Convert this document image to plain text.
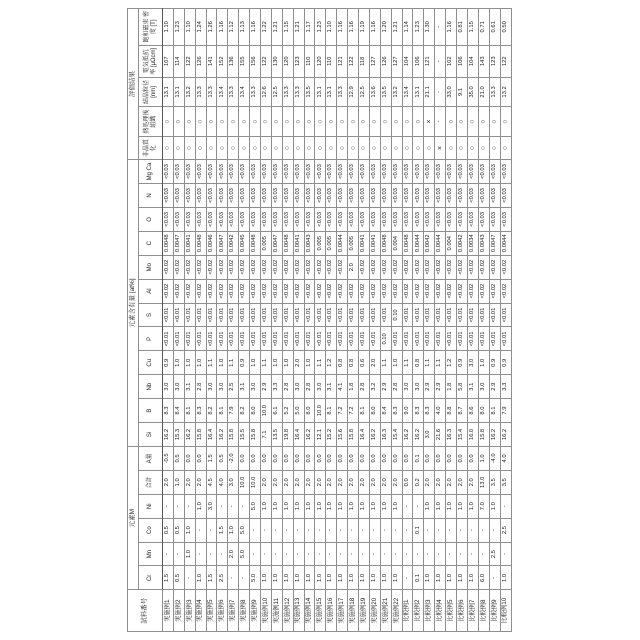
試料番号	元素M						元素含有量 [at%]												評価結果				
	Cr	Mn	Co	Ni	合計	A量	Si	B	Nb	Cu	P	S	Al	Mo	C	O	N	Mg Ca	非晶質化	熱処理後 組織	結晶粒径 [nm]	電気抵抗 率 [μΩcm]	飽和磁束 密度 [T]
実施例1	1.5	-	0.5	-	2.0	-0.5	16.2	8.3	3.0	0.9	<0.01	<0.01	<0.02	<0.02	0.0048	<0.03	<0.03	<0.03	○	○	13.1	107	1.10
実施例2	0.5	-	0.5	-	1.0	0.5	15.3	8.4	3.0	1.0	<0.01	<0.01	<0.02	<0.02	0.0047	<0.03	<0.03	<0.03	○	○	13.1	114	1.23
実施例3	-	1.0	1.0	-	2.0	0.0	16.2	8.1	3.1	1.0	<0.01	<0.01	<0.02	<0.02	0.0041	<0.03	<0.03	<0.03	○	○	13.2	122	1.10
実施例4	1.0	-	-	1.0	2.0	0.0	15.8	8.3	2.8	1.0	<0.01	<0.01	<0.02	<0.02	0.0048	<0.03	<0.03	<0.03	○	○	13.3	126	1.24
実施例5	1.5	-	-	3.0	4.5	1.5	16.4	8.2	3.0	1.1	<0.01	<0.01	<0.02	<0.02	0.0046	<0.03	<0.03	<0.03	○	○	13.3	141	1.26
実施例6	2.5	-	1.5	-	4.0	0.5	16.2	8.1	3.0	1.0	<0.01	<0.01	<0.02	<0.02	0.0047	<0.03	<0.03	<0.03	○	○	13.4	152	1.16
実施例7	-	2.0	1.0	-	3.0	-2.0	15.8	7.9	2.5	1.1	<0.01	<0.01	<0.02	<0.02	0.0042	<0.03	<0.03	<0.03	○	○	13.3	136	1.12
実施例8	-	5.0	5.0	-	10.0	0.0	15.5	8.2	3.1	0.9	<0.01	<0.01	<0.02	<0.02	0.0045	<0.03	<0.03	<0.03	○	○	13.4	155	1.13
実施例9	5.0	-	-	5.0	10.0	0.0	15.8	8.0	3.0	1.0	<0.01	<0.01	<0.02	<0.02	0.0048	<0.03	<0.03	<0.03	○	○	13.3	156	1.16
実施例10	1.0	-	-	1.0	2.0	0.0	7.1	10.0	2.9	1.1	<0.01	<0.01	<0.02	<0.02	0.005	<0.03	<0.03	<0.03	○	○	12.6	122	1.22
実施例11	1.0	-	-	1.0	2.0	0.0	13.5	6.1	3.3	1.0	<0.01	<0.01	<0.02	<0.02	0.0047	<0.03	<0.03	<0.03	○	○	12.5	130	1.21
実施例12	1.0	-	-	1.0	2.0	0.0	19.8	5.2	2.8	1.0	<0.01	<0.01	<0.02	<0.02	0.0048	<0.03	<0.03	<0.03	○	○	13.3	120	1.15
実施例13	1.0	-	-	1.0	2.0	0.0	16.4	5.0	3.0	2.0	<0.01	<0.01	<0.02	<0.02	0.0041	<0.03	<0.03	<0.03	○	○	13.3	123	1.21
実施例14	1.0	-	-	1.0	2.0	0.0	16.2	8.0	2.8	1.0	<0.01	<0.01	<0.02	<0.02	0.0043	<0.03	<0.03	<0.03	○	○	13.5	110	1.17
実施例15	1.0	-	-	1.0	2.0	0.0	12.1	10.0	3.0	1.1	<0.01	<0.01	<0.02	<0.02	0.005	<0.03	<0.03	<0.03	○	○	13.1	120	1.23
実施例16	1.0	-	-	1.0	2.0	0.0	15.2	8.1	3.1	1.2	<0.01	<0.01	<0.02	<0.02	0.005	<0.03	<0.03	<0.03	○	○	13.1	110	1.10
実施例17	1.0	-	-	1.0	2.0	0.0	15.6	7.2	4.1	0.8	<0.01	<0.01	<0.02	<0.02	0.0044	<0.03	<0.03	<0.03	○	○	13.3	121	1.16
実施例18	1.0	-	-	1.0	2.0	0.0	15.8	7.2	1.8	0.8	<0.01	<0.01	<0.02	2.0	0.005	<0.03	<0.03	<0.03	○	○	12.9	122	1.16
実施例19	1.0	-	-	1.0	2.0	0.0	16.4	8.1	2.8	0.6	<0.01	<0.01	<0.02	<0.02	0.0041	<0.03	<0.03	<0.03	○	○	12.5	118	1.19
実施例20	1.0	-	-	1.0	2.0	0.0	16.2	8.0	3.2	2.0	<0.01	<0.01	<0.02	<0.02	0.0041	<0.03	<0.03	<0.03	○	○	13.6	127	1.16
実施例21	1.0	-	-	1.0	2.0	0.0	16.3	8.4	2.9	1.1	0.10	<0.01	<0.02	<0.02	0.0048	<0.03	<0.03	<0.03	○	○	13.5	126	1.20
実施例22	1.0	-	-	1.0	2.0	0.0	15.4	8.3	2.8	1.0	<0.01	0.10	<0.02	<0.02	0.004	<0.03	<0.03	<0.03	○	○	13.2	127	1.21
比較例1	-	-	-	-	0.0	0.0	16.2	9.0	3.0	1.1	<0.01	<0.01	<0.02	<0.02	0.0048	<0.03	<0.03	<0.03	○	○	13.4	104	1.14
比較例2	0.1	-	0.1	-	0.2	0.1	16.2	8.3	3.0	0.8	<0.01	<0.01	<0.02	<0.02	0.0044	<0.03	<0.03	<0.03	○	○	13.1	106	1.23
比較例3	1.0	-	-	1.0	2.0	0.0	3.0	8.3	2.9	1.1	<0.01	<0.01	<0.02	<0.02	0.0042	<0.03	<0.03	<0.03	○	×	21.1	121	1.30
比較例4	1.0	-	-	1.0	2.0	0.0	21.6	4.0	2.9	1.1	<0.01	<0.01	<0.02	<0.02	0.0044	<0.03	<0.03	<0.03	×	-	-	-	-
比較例5	1.0	-	-	1.0	2.0	0.0	16.3	8.8	1.8	1.2	<0.01	<0.01	<0.02	<0.02	0.004	<0.03	<0.03	<0.03	○	○	33.0	102	1.16
比較例6	1.0	-	-	1.0	2.0	0.0	15.4	8.7	5.8	0.9	<0.01	<0.01	<0.02	<0.02	0.0042	<0.03	<0.03	<0.03	○	○	9.1	106	0.81
比較例7	1.0	-	-	1.0	2.0	0.0	16.0	8.6	3.1	3.0	<0.01	<0.01	<0.02	<0.02	0.0034	<0.03	<0.03	<0.03	○	○	35.0	104	1.15
比較例8	6.0	-	-	7.0	13.0	1.0	15.8	8.0	3.0	1.0	<0.01	<0.01	<0.02	<0.02	0.0043	<0.03	<0.03	<0.03	○	○	21.0	143	0.71
比較例9	-	2.5	-	1.0	3.5	-4.0	16.2	8.1	2.9	0.9	<0.01	<0.01	<0.02	<0.02	0.0047	<0.03	<0.03	<0.03	○	○	13.3	123	0.61
比較例10	1.0	-	2.5	-	3.5	4.0	16.2	7.9	3.3	0.9	<0.01	<0.01	<0.02	<0.02	0.0044	<0.03	<0.03	<0.03	○	○	13.2	122	0.50
